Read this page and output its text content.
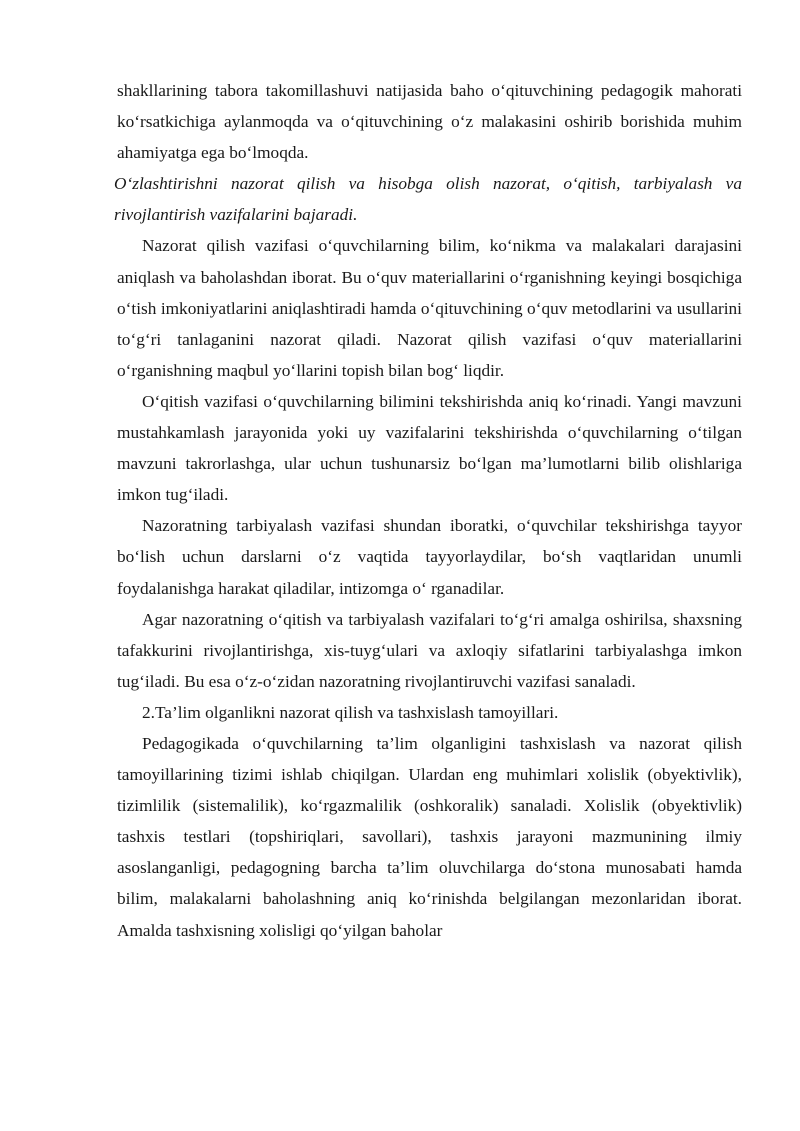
shakllarining tabora takomillashuvi natijasida baho o‘qituvchining pedagogik mahorati ko‘rsatkichiga aylanmoqda va o‘qituvchining o‘z malakasini oshirib borishida muhim ahamiyatga ega bo‘lmoqda.

O‘zlashtirishni nazorat qilish va hisobga olish nazorat, o‘qitish, tarbiyalash va rivojlantirish vazifalarini bajaradi.

Nazorat qilish vazifasi o‘quvchilarning bilim, ko‘nikma va malakalari darajasini aniqlash va baholashdan iborat. Bu o‘quv materiallarini o‘rganishning keyingi bosqichiga o‘tish imkoniyatlarini aniqlashtiradi hamda o‘qituvchining o‘quv metodlarini va usullarini to‘g‘ri tanlaganini nazorat qiladi. Nazorat qilish vazifasi o‘quv materiallarini o‘rganishning maqbul yo‘llarini topish bilan bog‘ liqdir.

O‘qitish vazifasi o‘quvchilarning bilimini tekshirishda aniq ko‘rinadi. Yangi mavzuni mustahkamlash jarayonida yoki uy vazifalarini tekshirishda o‘quvchilarning o‘tilgan mavzuni takrorlashga, ular uchun tushunarsiz bo‘lgan ma’lumotlarni bilib olishlariga imkon tug‘iladi.

Nazoratning tarbiyalash vazifasi shundan iboratki, o‘quvchilar tekshirishga tayyor bo‘lish uchun darslarni o‘z vaqtida tayyorlaydilar, bo‘sh vaqtlaridan unumli foydalanishga harakat qiladilar, intizomga o‘ rganadilar.

Agar nazoratning o‘qitish va tarbiyalash vazifalari to‘g‘ri amalga oshirilsa, shaxsning tafakkurini rivojlantirishga, xis-tuyg‘ulari va axloqiy sifatlarini tarbiyalashga imkon tug‘iladi. Bu esa o‘z-o‘zidan nazoratning rivojlantiruvchi vazifasi sanaladi.

2.Ta’lim olganlikni nazorat qilish va tashxislash tamoyillari.

Pedagogikada o‘quvchilarning ta’lim olganligini tashxislash va nazorat qilish tamoyillarining tizimi ishlab chiqilgan. Ulardan eng muhimlari xolislik (obyektivlik), tizimlilik (sistemalilik), ko‘rgazmalilik (oshkoralik) sanaladi. Xolislik (obyektivlik) tashxis testlari (topshiriqlari, savollari), tashxis jarayoni mazmunining ilmiy asoslanganligi, pedagogning barcha ta’lim oluvchilarga do‘stona munosabati hamda bilim, malakalarni baholashning aniq ko‘rinishda belgilangan mezonlaridan iborat. Amalda tashxisning xolisligi qo‘yilgan baholar
